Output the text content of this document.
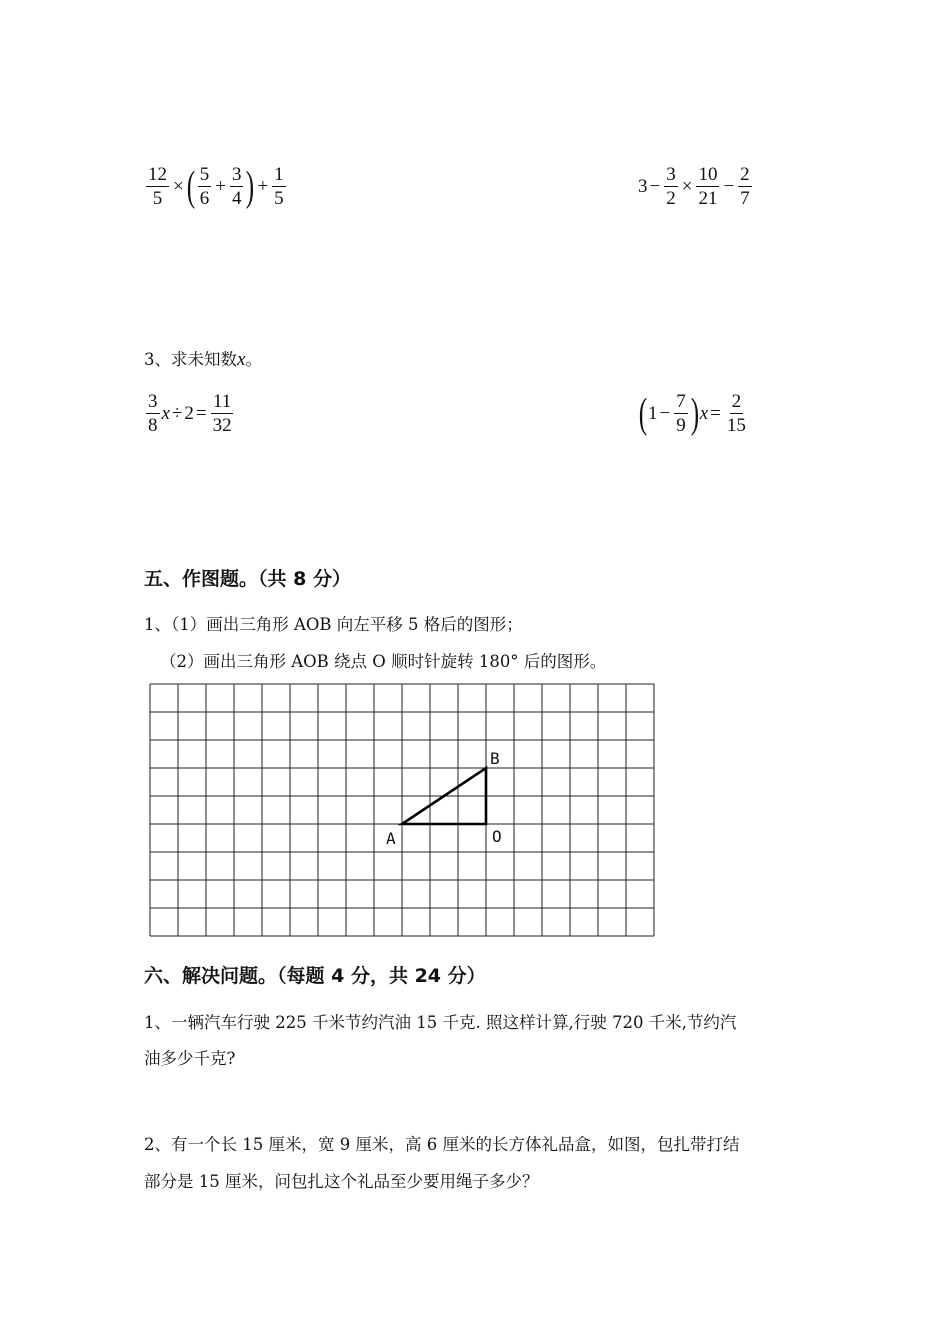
$\frac{12}{5}$ × ( $\frac{5}{6} + \frac{3}{4}$ ) + $\frac{1}{5}$	$3 - \frac{3}{2} \times \frac{10}{21} - \frac{2}{7}$
3、求未知数x。
$\frac{3}{8}$ $x \div 2 = \frac{11}{32}$	( $1 - \frac{7}{9}$ ) $x = \frac{2}{15}$
五、作图题。（共 8 分）
1、（1）画出三角形 AOB 向左平移 5 格后的图形；
（2）画出三角形 AOB 绕点 O 顺时针旋转 180° 后的图形。
A	O
B
六、解决问题。（每题 4 分，共 24 分）
1、一辆汽车行驶 225 千米节约汽油 15 千克. 照这样计算,行驶 720 千米,节约汽
油多少千克?
2、有一个长 15 厘米，宽 9 厘米，高 6 厘米的长方体礼品盒，如图，包扎带打结
部分是 15 厘米，问包扎这个礼品至少要用绳子多少？
